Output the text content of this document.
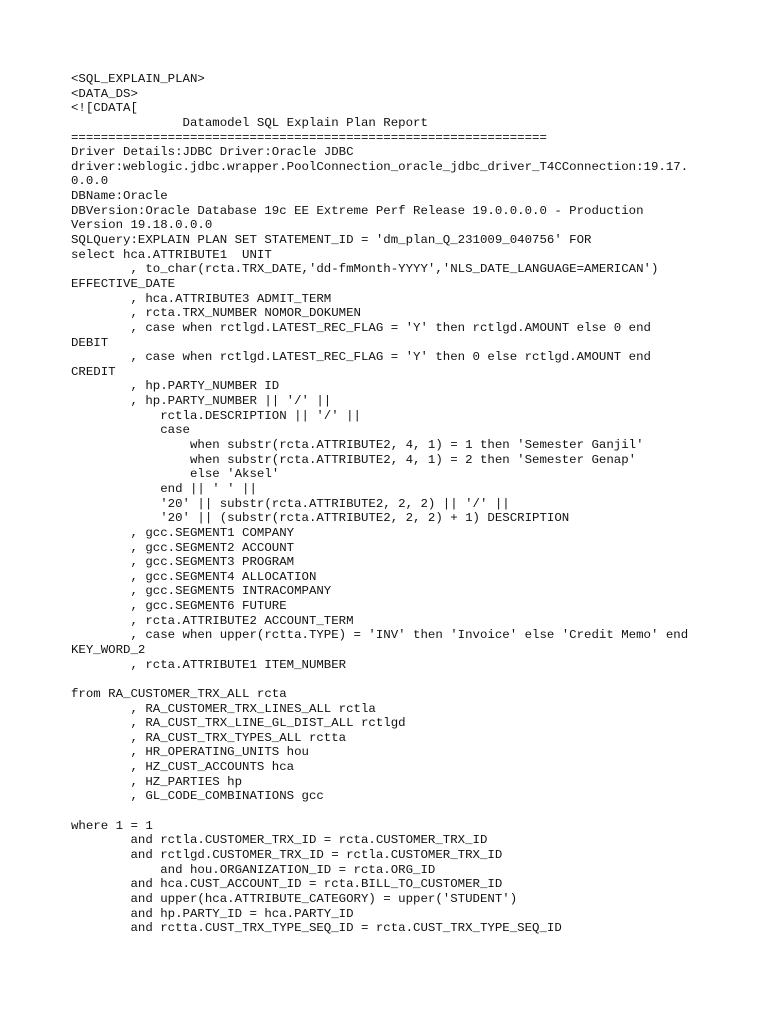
<SQL_EXPLAIN_PLAN>
<DATA_DS>
<![CDATA[
Datamodel SQL Explain Plan Report
================================================================
Driver Details:JDBC Driver:Oracle JDBC
driver:weblogic.jdbc.wrapper.PoolConnection_oracle_jdbc_driver_T4CConnection:19.17.
0.0.0
DBName:Oracle
DBVersion:Oracle Database 19c EE Extreme Perf Release 19.0.0.0.0 - Production
Version 19.18.0.0.0
SQLQuery:EXPLAIN PLAN SET STATEMENT_ID = 'dm_plan_Q_231009_040756' FOR
select hca.ATTRIBUTE1  UNIT
, to_char(rcta.TRX_DATE,'dd-fmMonth-YYYY','NLS_DATE_LANGUAGE=AMERICAN')
EFFECTIVE_DATE
, hca.ATTRIBUTE3 ADMIT_TERM
, rcta.TRX_NUMBER NOMOR_DOKUMEN
, case when rctlgd.LATEST_REC_FLAG = 'Y' then rctlgd.AMOUNT else 0 end
DEBIT
, case when rctlgd.LATEST_REC_FLAG = 'Y' then 0 else rctlgd.AMOUNT end
CREDIT
, hp.PARTY_NUMBER ID
, hp.PARTY_NUMBER || '/' ||
rctla.DESCRIPTION || '/' ||
case
when substr(rcta.ATTRIBUTE2, 4, 1) = 1 then 'Semester Ganjil'
when substr(rcta.ATTRIBUTE2, 4, 1) = 2 then 'Semester Genap'
else 'Aksel'
end || ' ' ||
'20' || substr(rcta.ATTRIBUTE2, 2, 2) || '/' ||
'20' || (substr(rcta.ATTRIBUTE2, 2, 2) + 1) DESCRIPTION
, gcc.SEGMENT1 COMPANY
, gcc.SEGMENT2 ACCOUNT
, gcc.SEGMENT3 PROGRAM
, gcc.SEGMENT4 ALLOCATION
, gcc.SEGMENT5 INTRACOMPANY
, gcc.SEGMENT6 FUTURE
, rcta.ATTRIBUTE2 ACCOUNT_TERM
, case when upper(rctta.TYPE) = 'INV' then 'Invoice' else 'Credit Memo' end
KEY_WORD_2
, rcta.ATTRIBUTE1 ITEM_NUMBER
from RA_CUSTOMER_TRX_ALL rcta
, RA_CUSTOMER_TRX_LINES_ALL rctla
, RA_CUST_TRX_LINE_GL_DIST_ALL rctlgd
, RA_CUST_TRX_TYPES_ALL rctta
, HR_OPERATING_UNITS hou
, HZ_CUST_ACCOUNTS hca
, HZ_PARTIES hp
, GL_CODE_COMBINATIONS gcc
where 1 = 1
and rctla.CUSTOMER_TRX_ID = rcta.CUSTOMER_TRX_ID
and rctlgd.CUSTOMER_TRX_ID = rctla.CUSTOMER_TRX_ID
and hou.ORGANIZATION_ID = rcta.ORG_ID
and hca.CUST_ACCOUNT_ID = rcta.BILL_TO_CUSTOMER_ID
and upper(hca.ATTRIBUTE_CATEGORY) = upper('STUDENT')
and hp.PARTY_ID = hca.PARTY_ID
and rctta.CUST_TRX_TYPE_SEQ_ID = rcta.CUST_TRX_TYPE_SEQ_ID
